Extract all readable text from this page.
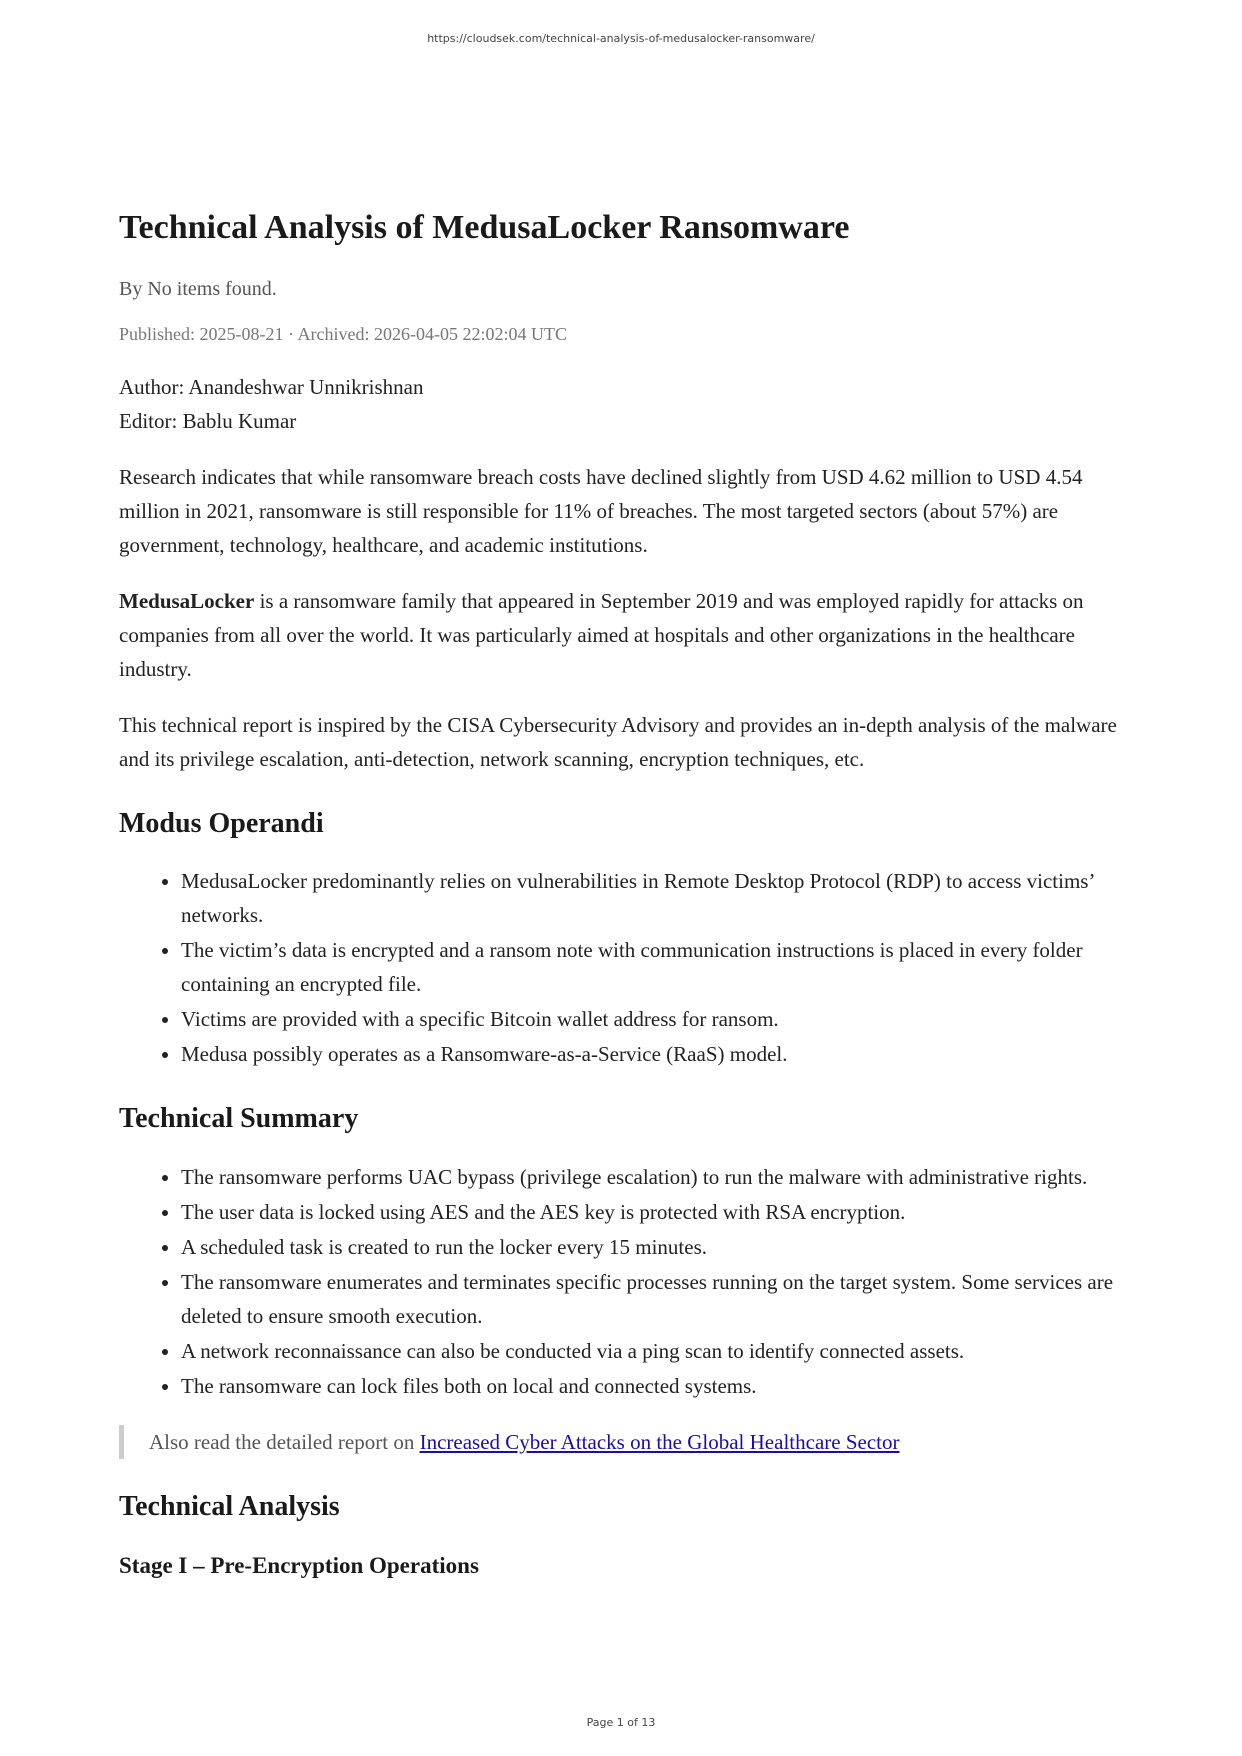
https://cloudsek.com/technical-analysis-of-medusalocker-ransomware/
Technical Analysis of MedusaLocker Ransomware
By No items found.
Published: 2025-08-21 · Archived: 2026-04-05 22:02:04 UTC
Author: Anandeshwar Unnikrishnan
Editor: Bablu Kumar

Research indicates that while ransomware breach costs have declined slightly from USD 4.62 million to USD 4.54 million in 2021, ransomware is still responsible for 11% of breaches. The most targeted sectors (about 57%) are government, technology, healthcare, and academic institutions.

MedusaLocker is a ransomware family that appeared in September 2019 and was employed rapidly for attacks on companies from all over the world. It was particularly aimed at hospitals and other organizations in the healthcare industry.

This technical report is inspired by the CISA Cybersecurity Advisory and provides an in-depth analysis of the malware and its privilege escalation, anti-detection, network scanning, encryption techniques, etc.

Modus Operandi
• MedusaLocker predominantly relies on vulnerabilities in Remote Desktop Protocol (RDP) to access victims’ networks.
• The victim’s data is encrypted and a ransom note with communication instructions is placed in every folder containing an encrypted file.
• Victims are provided with a specific Bitcoin wallet address for ransom.
• Medusa possibly operates as a Ransomware-as-a-Service (RaaS) model.
Technical Summary
• The ransomware performs UAC bypass (privilege escalation) to run the malware with administrative rights.
• The user data is locked using AES and the AES key is protected with RSA encryption.
• A scheduled task is created to run the locker every 15 minutes.
• The ransomware enumerates and terminates specific processes running on the target system. Some services are deleted to ensure smooth execution.
• A network reconnaissance can also be conducted via a ping scan to identify connected assets.
• The ransomware can lock files both on local and connected systems.
Also read the detailed report on Increased Cyber Attacks on the Global Healthcare Sector
Technical Analysis
Stage I – Pre-Encryption Operations
Page 1 of 13
